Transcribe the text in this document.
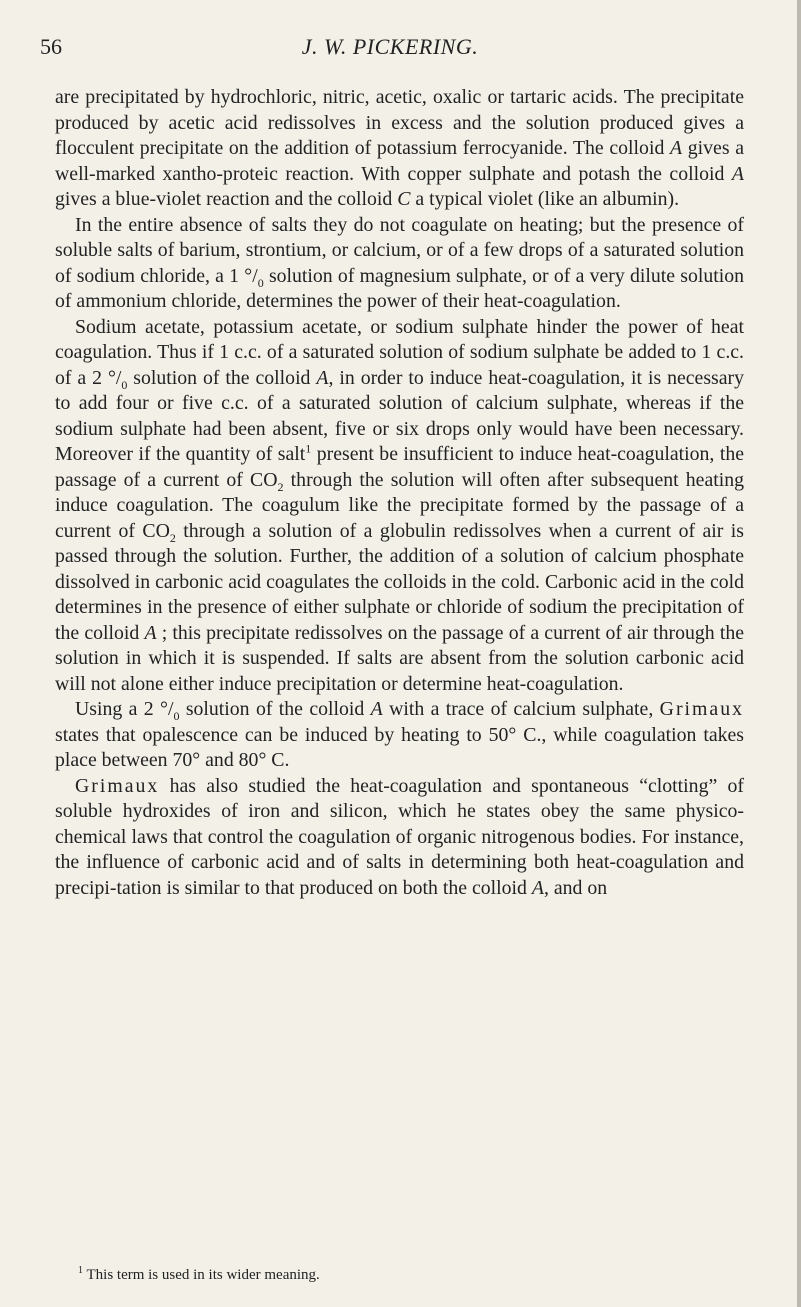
56	J. W. PICKERING.

are precipitated by hydrochloric, nitric, acetic, oxalic or tartaric acids. The precipitate produced by acetic acid redissolves in excess and the solution produced gives a flocculent precipitate on the addition of potassium ferrocyanide. The colloid A gives a well-marked xantho-proteic reaction. With copper sulphate and potash the colloid A gives a blue-violet reaction and the colloid C a typical violet (like an albumin).

In the entire absence of salts they do not coagulate on heating; but the presence of soluble salts of barium, strontium, or calcium, or of a few drops of a saturated solution of sodium chloride, a 1 $^\circ/_0$ solution of magnesium sulphate, or of a very dilute solution of ammonium chloride, determines the power of their heat-coagulation.

Sodium acetate, potassium acetate, or sodium sulphate hinder the power of heat coagulation. Thus if 1 c.c. of a saturated solution of sodium sulphate be added to 1 c.c. of a 2 $^\circ/_0$ solution of the colloid A, in order to induce heat-coagulation, it is necessary to add four or five c.c. of a saturated solution of calcium sulphate, whereas if the sodium sulphate had been absent, five or six drops only would have been necessary. Moreover if the quantity of salt$^1$ present be insufficient to induce heat-coagulation, the passage of a current of $CO_2$ through the solution will often after subsequent heating induce coagulation. The coagulum like the precipitate formed by the passage of a current of $CO_2$ through a solution of a globulin redissolves when a current of air is passed through the solution. Further, the addition of a solution of calcium phosphate dissolved in carbonic acid coagulates the colloids in the cold. Carbonic acid in the cold determines in the presence of either sulphate or chloride of sodium the precipitation of the colloid A ; this precipitate redissolves on the passage of a current of air through the solution in which it is suspended. If salts are absent from the solution carbonic acid will not alone either induce precipitation or determine heat-coagulation.

Using a 2 $^\circ/_0$ solution of the colloid A with a trace of calcium sulphate, Grimaux states that opalescence can be induced by heating to 50° C., while coagulation takes place between 70° and 80° C.

Grimaux has also studied the heat-coagulation and spontaneous “clotting” of soluble hydroxides of iron and silicon, which he states obey the same physico-chemical laws that control the coagulation of organic nitrogenous bodies. For instance, the influence of carbonic acid and of salts in determining both heat-coagulation and precipi-tation is similar to that produced on both the colloid A, and on

$^1$ This term is used in its wider meaning.
